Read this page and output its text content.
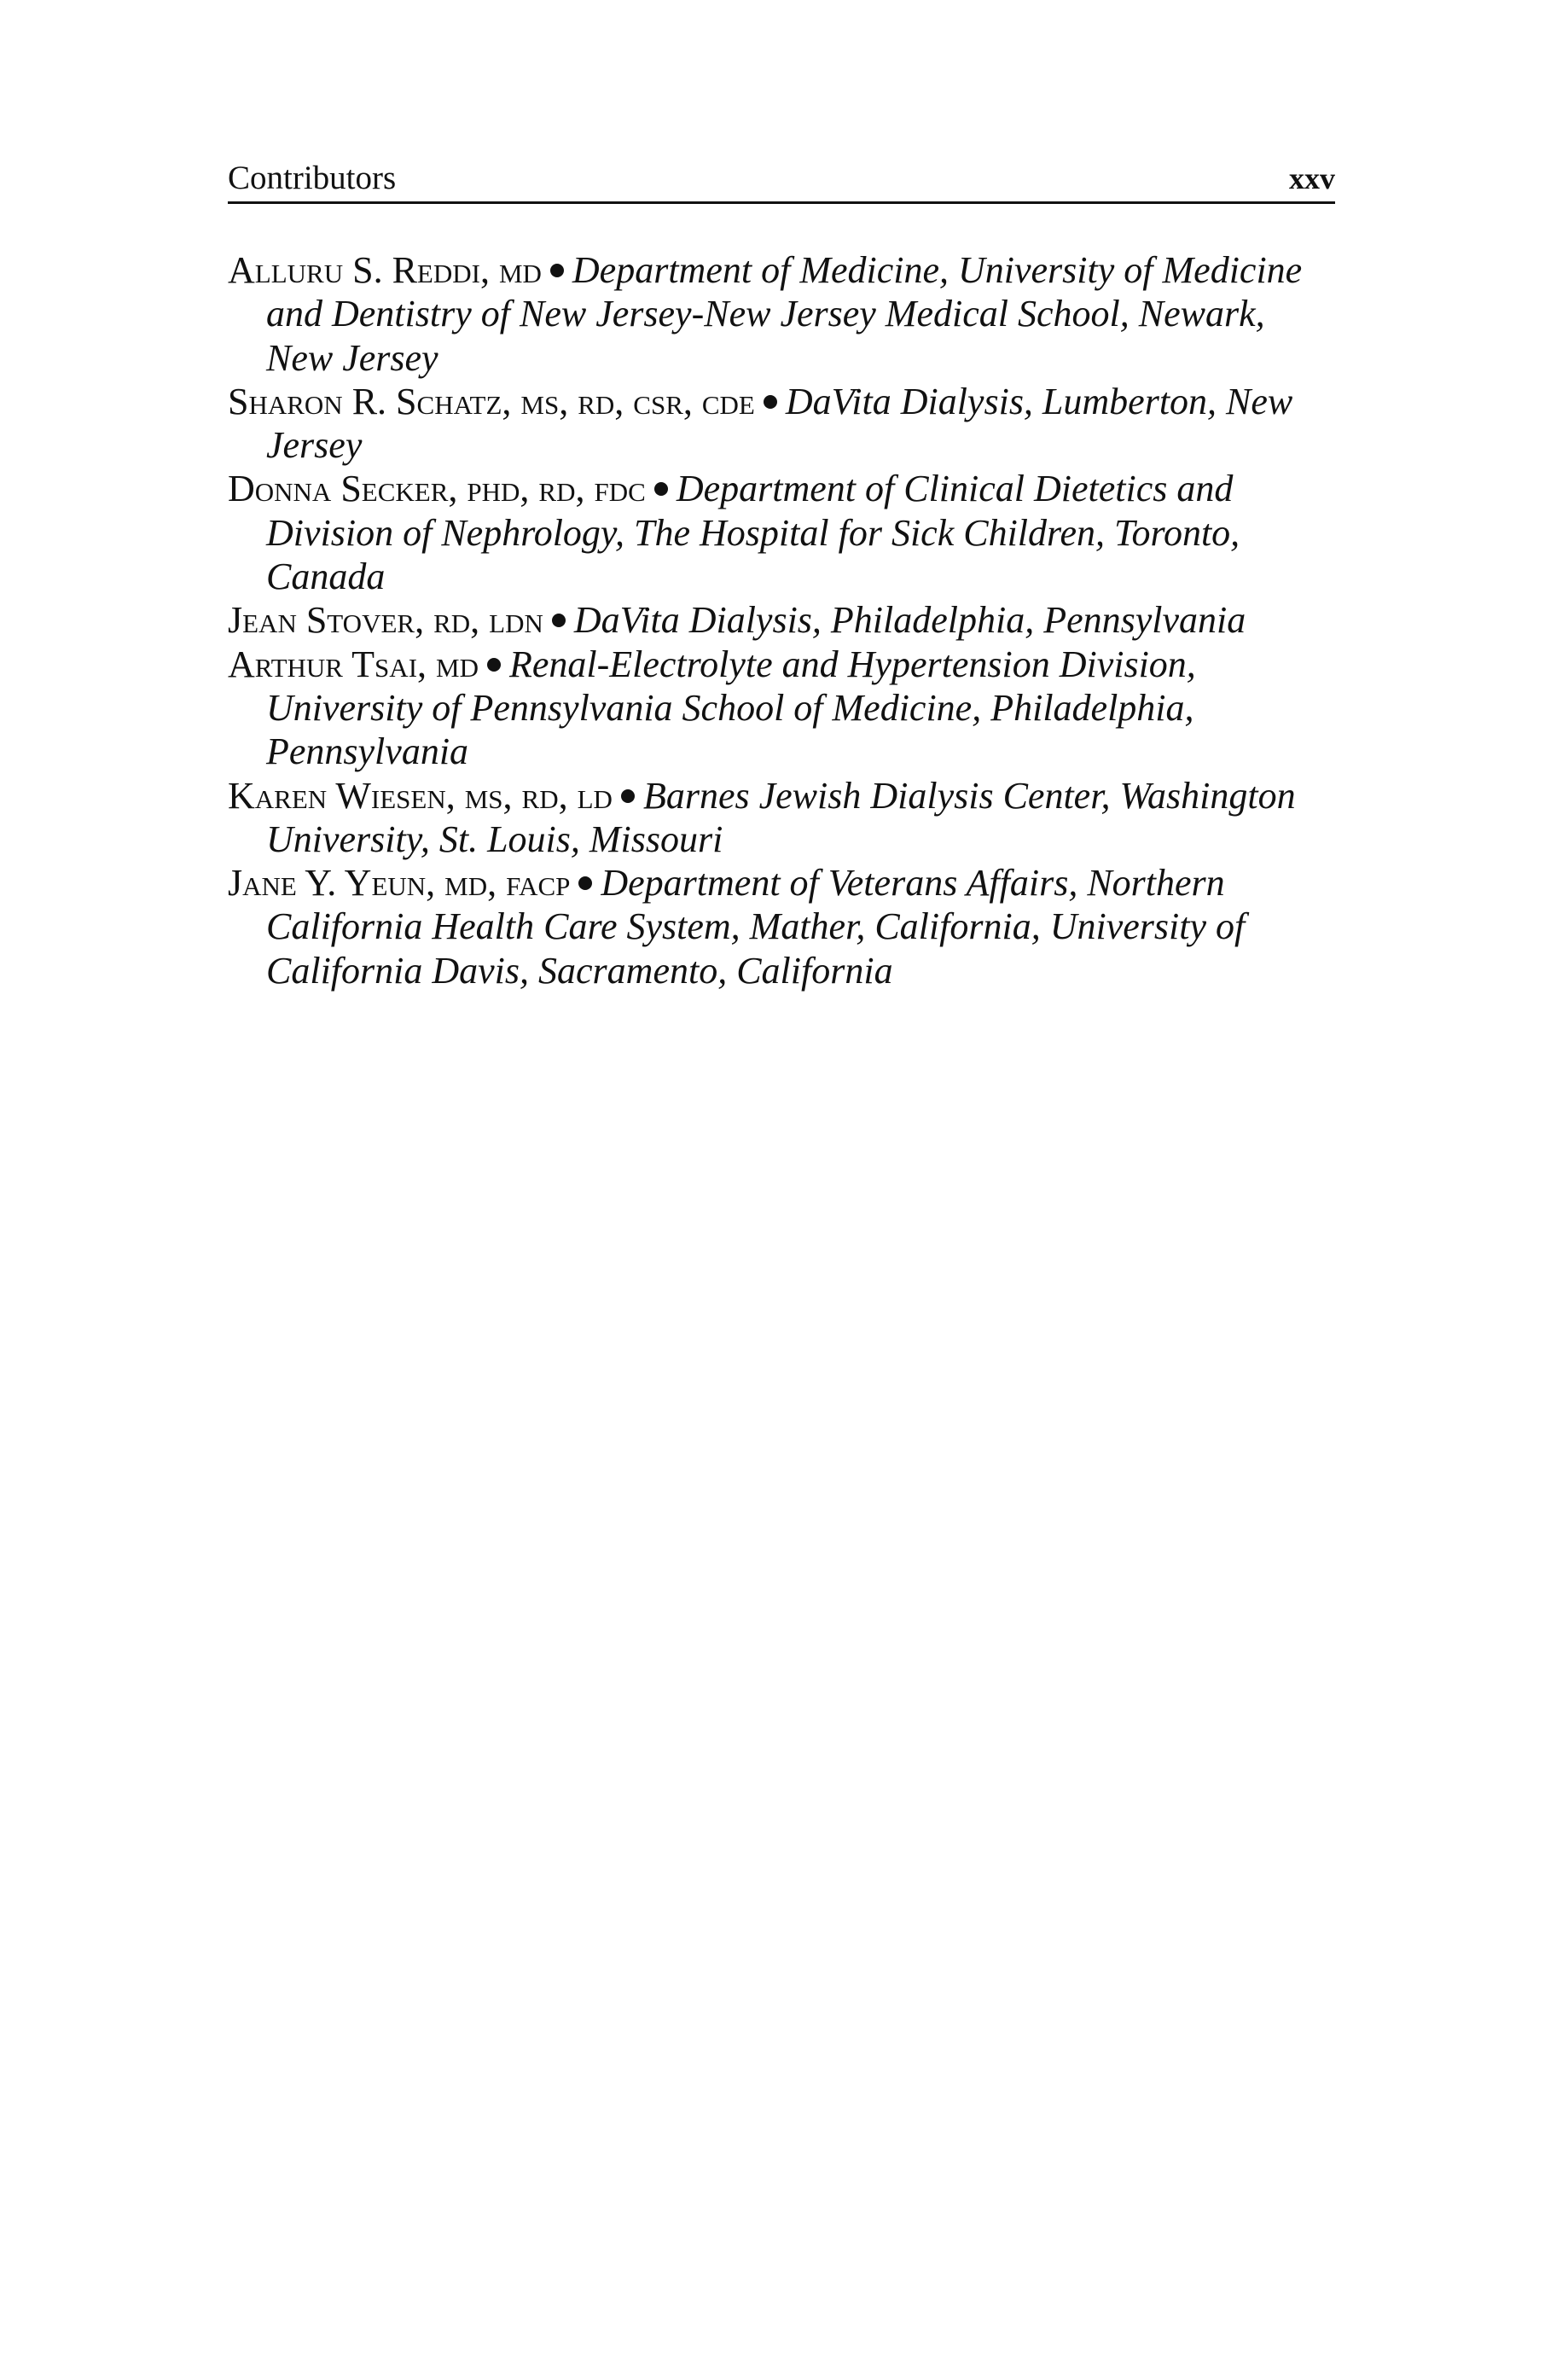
Contributors	xxv
Alluru S. Reddi, md Department of Medicine, University of Medicine and Dentistry of New Jersey-New Jersey Medical School, Newark, New Jersey
Sharon R. Schatz, ms, rd, csr, cde DaVita Dialysis, Lumberton, New Jersey
Donna Secker, phd, rd, fdc Department of Clinical Dietetics and Division of Nephrology, The Hospital for Sick Children, Toronto, Canada
Jean Stover, rd, ldn DaVita Dialysis, Philadelphia, Pennsylvania
Arthur Tsai, md Renal-Electrolyte and Hypertension Division, University of Pennsylvania School of Medicine, Philadelphia, Pennsylvania
Karen Wiesen, ms, rd, ld Barnes Jewish Dialysis Center, Washington University, St. Louis, Missouri
Jane Y. Yeun, md, facp Department of Veterans Affairs, Northern California Health Care System, Mather, California, University of California Davis, Sacramento, California
